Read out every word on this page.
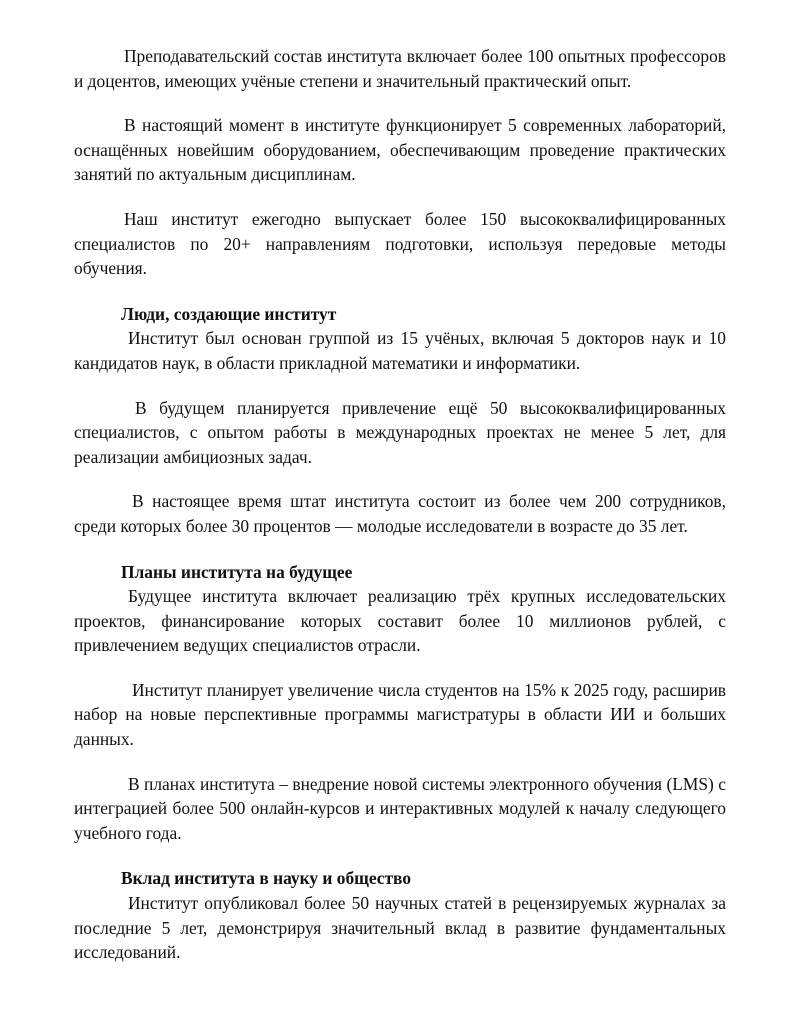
Преподавательский состав института включает более 100 опытных профессоров и доцентов, имеющих учёные степени и значительный практический опыт.

В настоящий момент в институте функционирует 5 современных лабораторий, оснащённых новейшим оборудованием, обеспечивающим проведение практических занятий по актуальным дисциплинам.

Наш институт ежегодно выпускает более 150 высококвалифицированных специалистов по 20+ направлениям подготовки, используя передовые методы обучения.

Люди, создающие институт

Институт был основан группой из 15 учёных, включая 5 докторов наук и 10 кандидатов наук, в области прикладной математики и информатики.

В будущем планируется привлечение ещё 50 высококвалифицированных специалистов, с опытом работы в международных проектах не менее 5 лет, для реализации амбициозных задач.

В настоящее время штат института состоит из более чем 200 сотрудников, среди которых более 30 процентов — молодые исследователи в возрасте до 35 лет.

Планы института на будущее

Будущее института включает реализацию трёх крупных исследовательских проектов, финансирование которых составит более 10 миллионов рублей, с привлечением ведущих специалистов отрасли.

Институт планирует увеличение числа студентов на 15% к 2025 году, расширив набор на новые перспективные программы магистратуры в области ИИ и больших данных.

В планах института – внедрение новой системы электронного обучения (LMS) с интеграцией более 500 онлайн-курсов и интерактивных модулей к началу следующего учебного года.

Вклад института в науку и общество

Институт опубликовал более 50 научных статей в рецензируемых журналах за последние 5 лет, демонстрируя значительный вклад в развитие фундаментальных исследований.
